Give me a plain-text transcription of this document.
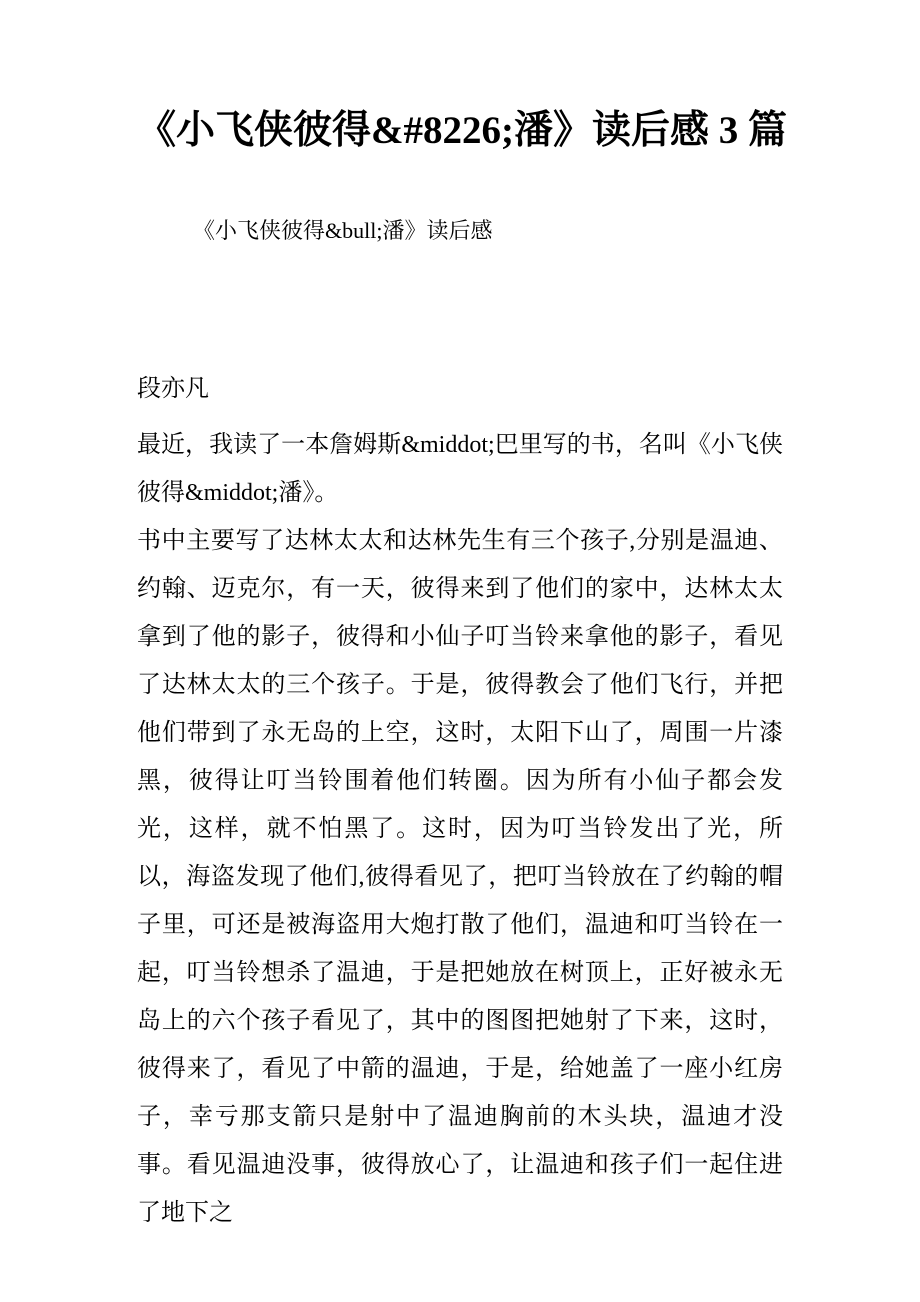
《小飞侠彼得&#8226;潘》读后感 3 篇

《小飞侠彼得&bull;潘》读后感

段亦凡

最近，我读了一本詹姆斯&middot;巴里写的书，名叫《小飞侠彼得&middot;潘》。

书中主要写了达林太太和达林先生有三个孩子,分别是温迪、约翰、迈克尔，有一天，彼得来到了他们的家中，达林太太拿到了他的影子，彼得和小仙子叮当铃来拿他的影子，看见了达林太太的三个孩子。于是，彼得教会了他们飞行，并把他们带到了永无岛的上空，这时，太阳下山了，周围一片漆黑，彼得让叮当铃围着他们转圈。因为所有小仙子都会发光，这样，就不怕黑了。这时，因为叮当铃发出了光，所以，海盗发现了他们,彼得看见了，把叮当铃放在了约翰的帽子里，可还是被海盗用大炮打散了他们，温迪和叮当铃在一起，叮当铃想杀了温迪，于是把她放在树顶上，正好被永无岛上的六个孩子看见了，其中的图图把她射了下来，这时，彼得来了，看见了中箭的温迪，于是，给她盖了一座小红房子，幸亏那支箭只是射中了温迪胸前的木头块，温迪才没事。看见温迪没事，彼得放心了，让温迪和孩子们一起住进了地下之
